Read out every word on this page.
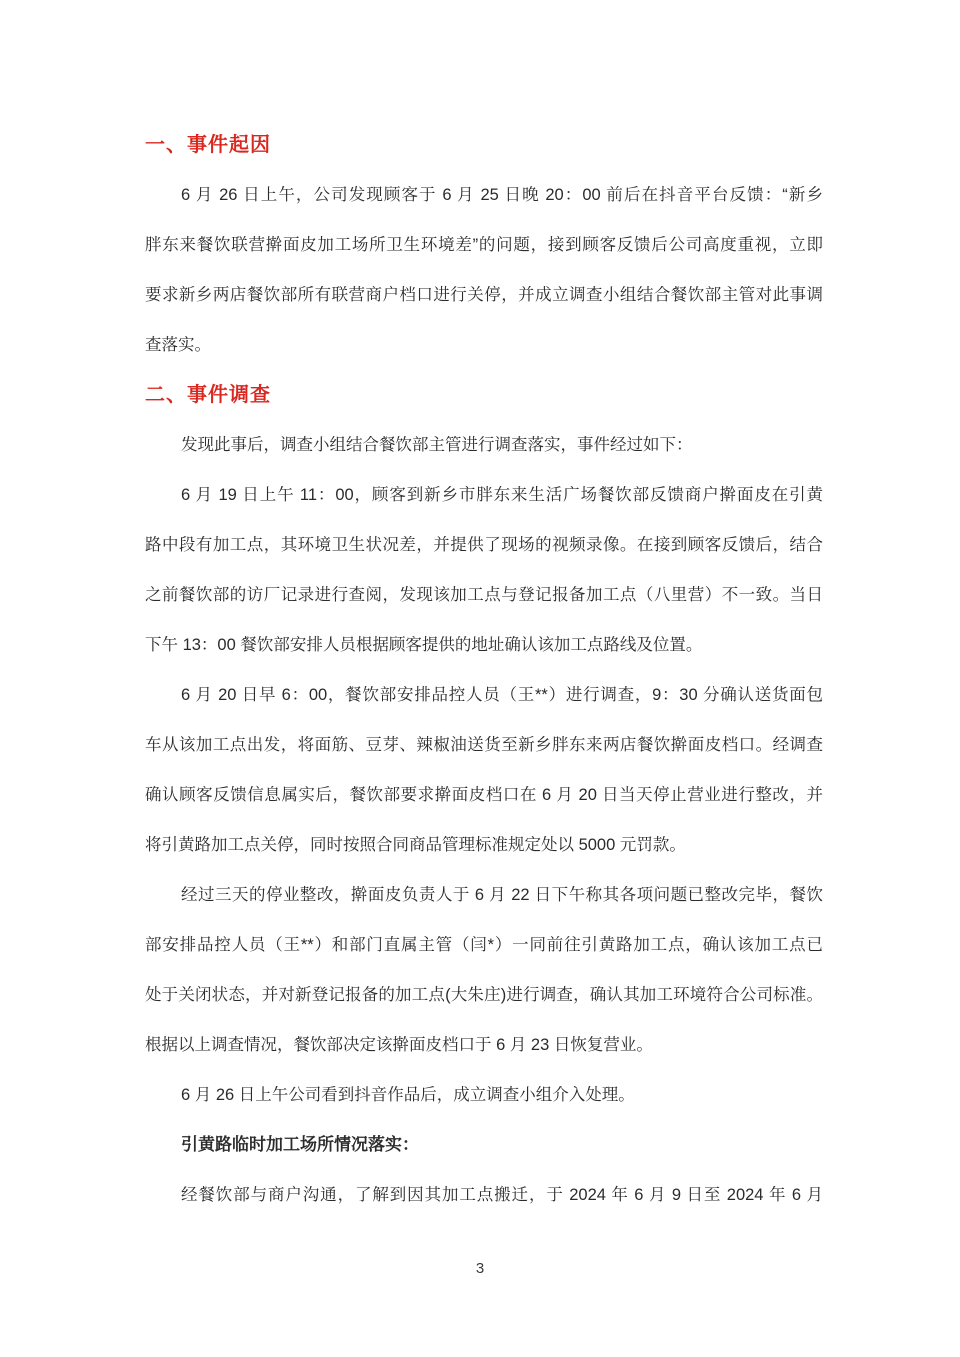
一、事件起因
6 月 26 日上午，公司发现顾客于 6 月 25 日晚 20：00 前后在抖音平台反馈：“新乡
胖东来餐饮联营擀面皮加工场所卫生环境差”的问题，接到顾客反馈后公司高度重视，立即
要求新乡两店餐饮部所有联营商户档口进行关停，并成立调查小组结合餐饮部主管对此事调
查落实。
二、事件调查
发现此事后，调查小组结合餐饮部主管进行调查落实，事件经过如下：
6 月 19 日上午 11：00，顾客到新乡市胖东来生活广场餐饮部反馈商户擀面皮在引黄
路中段有加工点，其环境卫生状况差，并提供了现场的视频录像。在接到顾客反馈后，结合
之前餐饮部的访厂记录进行查阅，发现该加工点与登记报备加工点（八里营）不一致。当日
下午 13：00 餐饮部安排人员根据顾客提供的地址确认该加工点路线及位置。
6 月 20 日早 6：00，餐饮部安排品控人员（王**）进行调查，9：30 分确认送货面包
车从该加工点出发，将面筋、豆芽、辣椒油送货至新乡胖东来两店餐饮擀面皮档口。经调查
确认顾客反馈信息属实后，餐饮部要求擀面皮档口在 6 月 20 日当天停止营业进行整改，并
将引黄路加工点关停，同时按照合同商品管理标准规定处以 5000 元罚款。
经过三天的停业整改，擀面皮负责人于 6 月 22 日下午称其各项问题已整改完毕，餐饮
部安排品控人员（王**）和部门直属主管（闫*）一同前往引黄路加工点，确认该加工点已
处于关闭状态，并对新登记报备的加工点(大朱庄)进行调查，确认其加工环境符合公司标准。
根据以上调查情况，餐饮部决定该擀面皮档口于 6 月 23 日恢复营业。
6 月 26 日上午公司看到抖音作品后，成立调查小组介入处理。
引黄路临时加工场所情况落实：
经餐饮部与商户沟通，了解到因其加工点搬迁，于 2024 年 6 月 9 日至 2024 年 6 月
3
